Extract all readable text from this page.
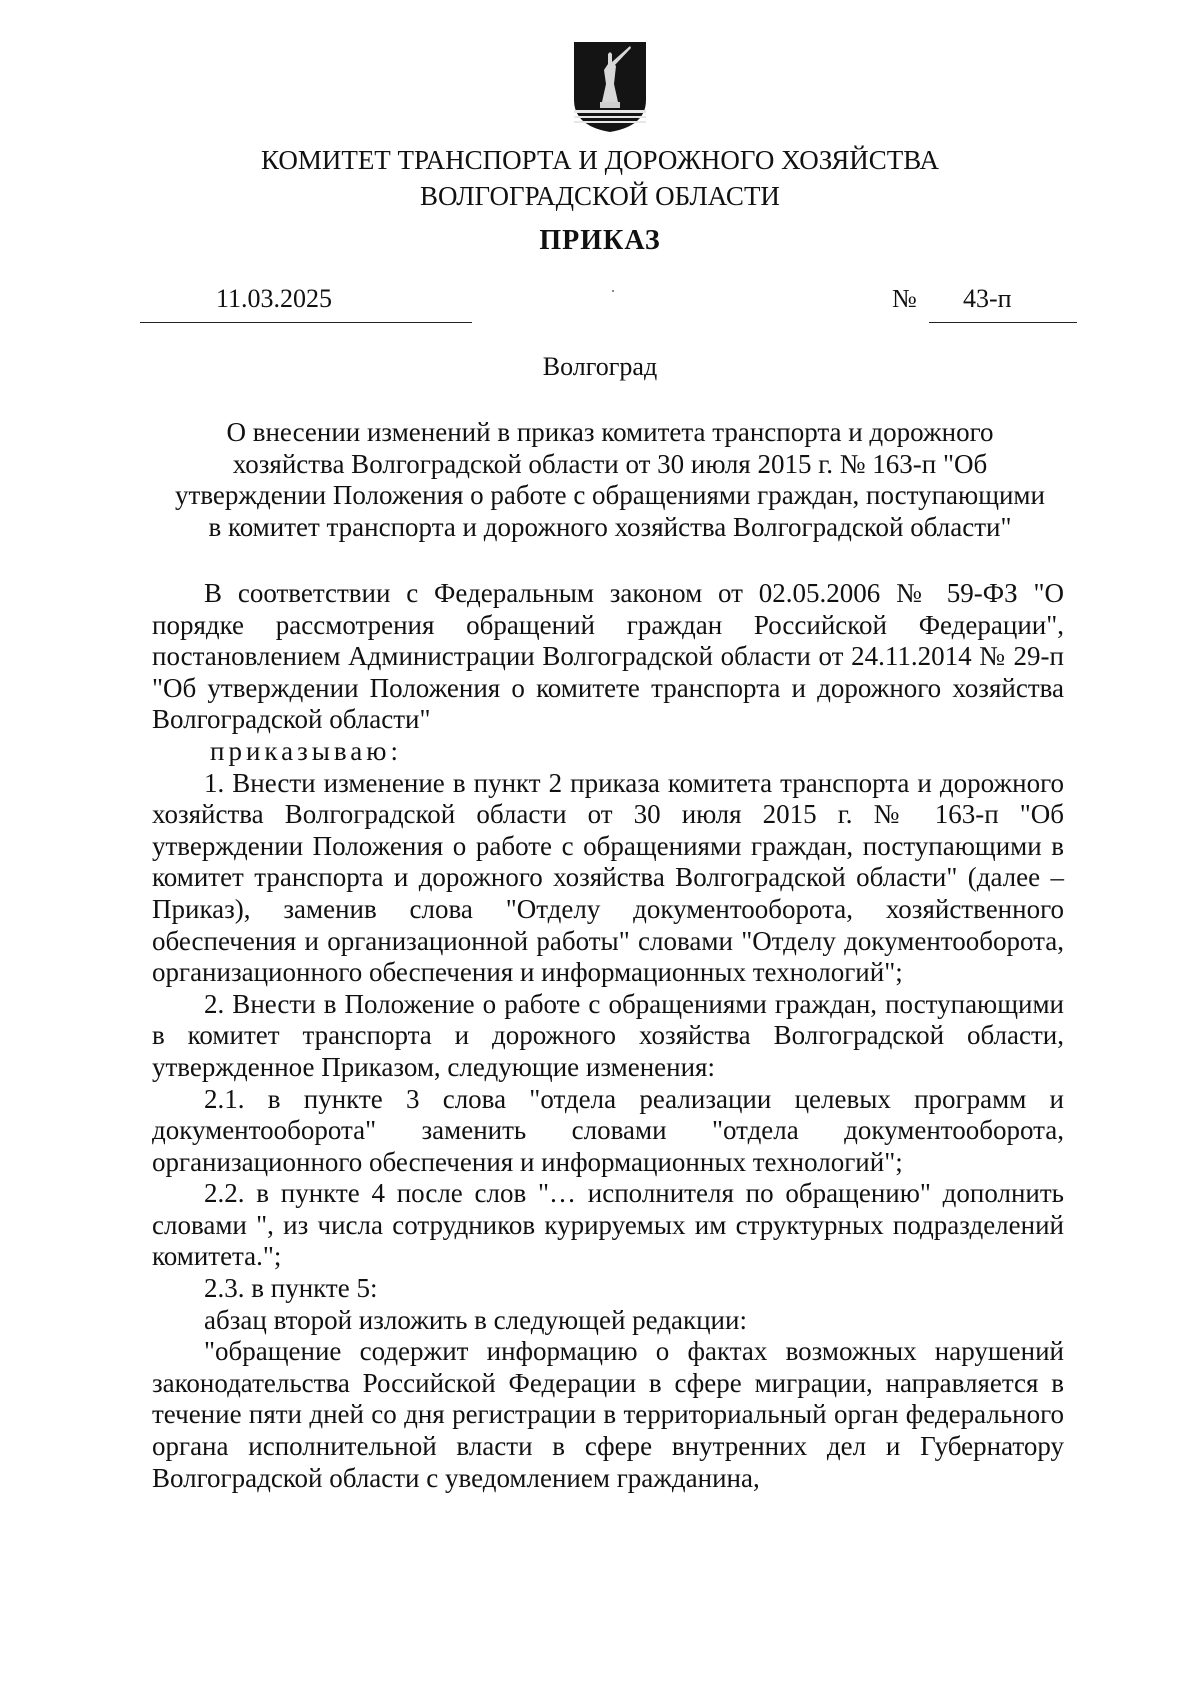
КОМИТЕТ ТРАНСПОРТА И ДОРОЖНОГО ХОЗЯЙСТВА
ВОЛГОГРАДСКОЙ ОБЛАСТИ
ПРИКАЗ
11.03.2025	№ 43-п
Волгоград
О внесении изменений в приказ комитета транспорта и дорожного
хозяйства Волгоградской области от 30 июля 2015 г. № 163-п "Об
утверждении Положения о работе с обращениями граждан, поступающими
в комитет транспорта и дорожного хозяйства Волгоградской области"

В соответствии с Федеральным законом от 02.05.2006 № 59-ФЗ "О порядке рассмотрения обращений граждан Российской Федерации", постановлением Администрации Волгоградской области от 24.11.2014 № 29-п "Об утверждении Положения о комитете транспорта и дорожного хозяйства Волгоградской области"

приказываю:

1. Внести изменение в пункт 2 приказа комитета транспорта и дорожного хозяйства Волгоградской области от 30 июля 2015 г. № 163-п "Об утверждении Положения о работе с обращениями граждан, поступающими в комитет транспорта и дорожного хозяйства Волгоградской области" (далее – Приказ), заменив слова "Отделу документооборота, хозяйственного обеспечения и организационной работы" словами "Отделу документооборота, организационного обеспечения и информационных технологий";

2. Внести в Положение о работе с обращениями граждан, поступающими в комитет транспорта и дорожного хозяйства Волгоградской области, утвержденное Приказом, следующие изменения:

2.1. в пункте 3 слова "отдела реализации целевых программ и документооборота" заменить словами "отдела документооборота, организационного обеспечения и информационных технологий";

2.2. в пункте 4 после слов "… исполнителя по обращению" дополнить словами ", из числа сотрудников курируемых им структурных подразделений комитета.";

2.3. в пункте 5:

абзац второй изложить в следующей редакции:

"обращение содержит информацию о фактах возможных нарушений законодательства Российской Федерации в сфере миграции, направляется в течение пяти дней со дня регистрации в территориальный орган федерального органа исполнительной власти в сфере внутренних дел и Губернатору Волгоградской области с уведомлением гражданина,
